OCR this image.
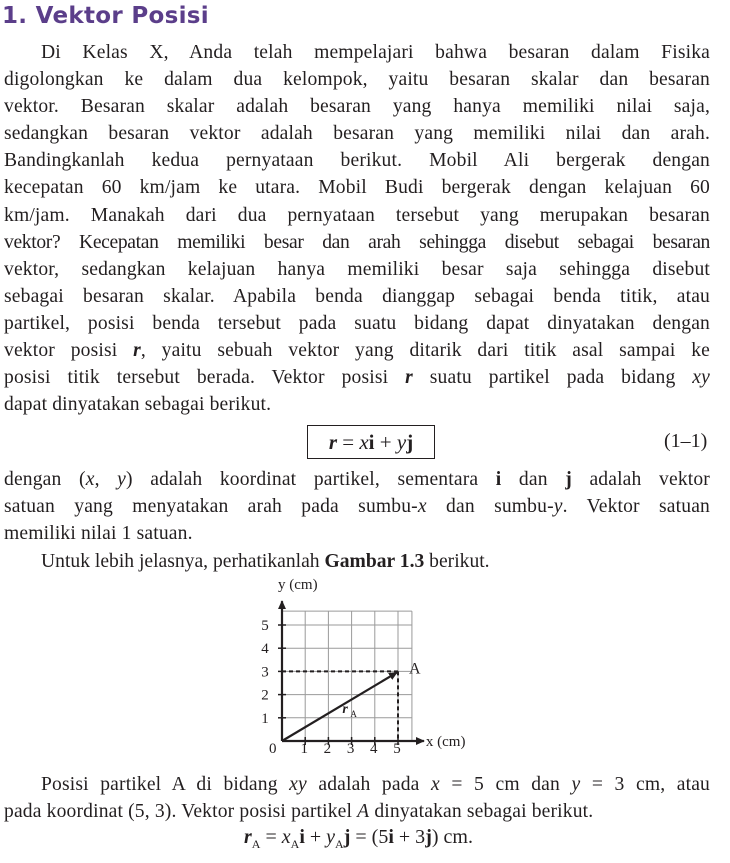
1. Vektor Posisi
Di Kelas X, Anda telah mempelajari bahwa besaran dalam Fisika
digolongkan ke dalam dua kelompok, yaitu besaran skalar dan besaran
vektor. Besaran skalar adalah besaran yang hanya memiliki nilai saja,
sedangkan besaran vektor adalah besaran yang memiliki nilai dan arah.
Bandingkanlah kedua pernyataan berikut. Mobil Ali bergerak dengan
kecepatan 60 km/jam ke utara. Mobil Budi bergerak dengan kelajuan 60
km/jam. Manakah dari dua pernyataan tersebut yang merupakan besaran
vektor? Kecepatan memiliki besar dan arah sehingga disebut sebagai besaran
vektor, sedangkan kelajuan hanya memiliki besar saja sehingga disebut
sebagai besaran skalar. Apabila benda dianggap sebagai benda titik, atau
partikel, posisi benda tersebut pada suatu bidang dapat dinyatakan dengan
vektor posisi r, yaitu sebuah vektor yang ditarik dari titik asal sampai ke
posisi titik tersebut berada. Vektor posisi r suatu partikel pada bidang xy
dapat dinyatakan sebagai berikut.
r = xi + yj	(1–1)
dengan (x, y) adalah koordinat partikel, sementara i dan j adalah vektor
satuan yang menyatakan arah pada sumbu-x dan sumbu-y. Vektor satuan
memiliki nilai 1 satuan.
Untuk lebih jelasnya, perhatikanlah Gambar 1.3 berikut.
1 2 3 4 5
1
2
3
4
5
0
y (cm)
x (cm)
A
r A
Posisi partikel A di bidang xy adalah pada x = 5 cm dan y = 3 cm, atau
pada koordinat (5, 3). Vektor posisi partikel A dinyatakan sebagai berikut.
$r_A = x_Ai + y_Aj = (5i + 3j)$ cm.
